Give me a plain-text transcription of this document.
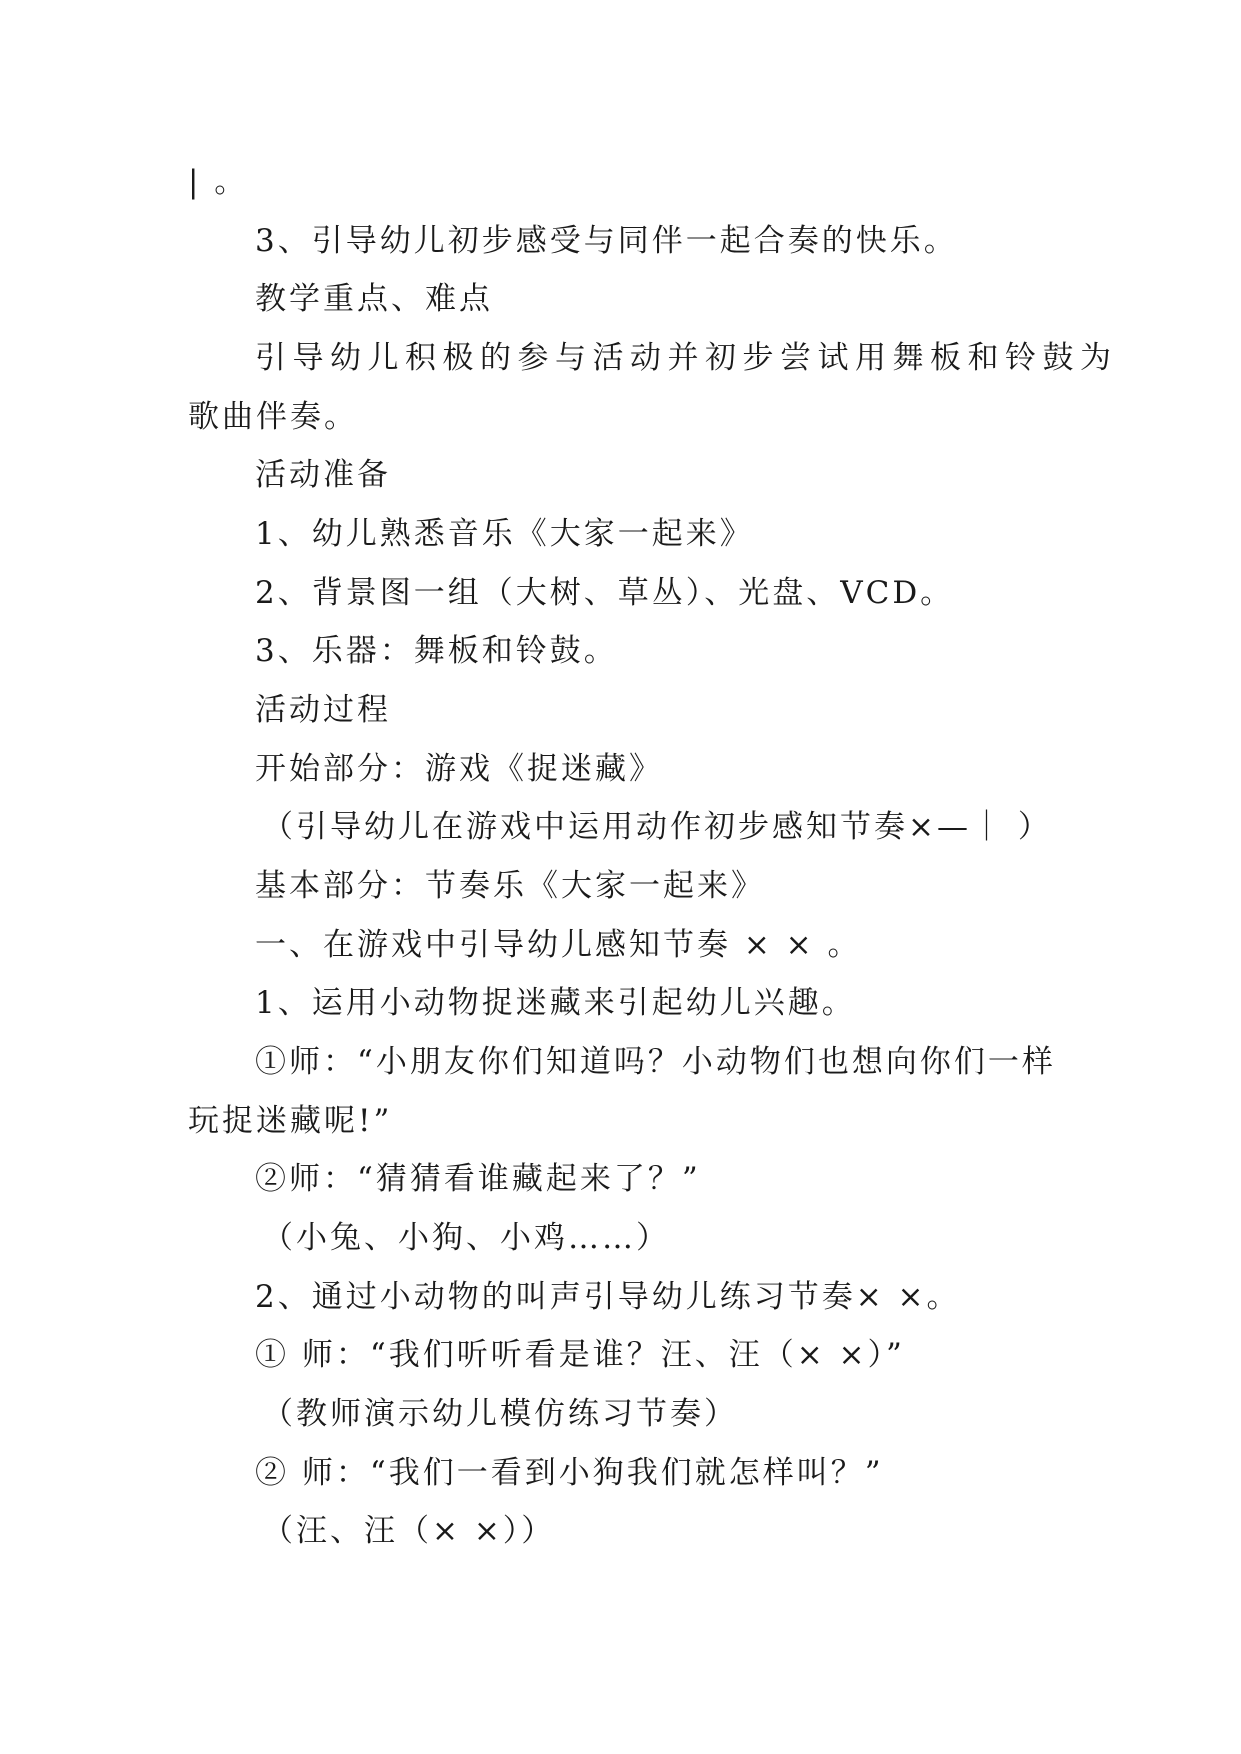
| 。
3、引导幼儿初步感受与同伴一起合奏的快乐。
教学重点、难点
引导幼儿积极的参与活动并初步尝试用舞板和铃鼓为
歌曲伴奏。
活动准备
1、幼儿熟悉音乐《大家一起来》
2、背景图一组（大树、草丛）、光盘、VCD。
3、乐器：舞板和铃鼓。
活动过程
开始部分：游戏《捉迷藏》
（引导幼儿在游戏中运用动作初步感知节奏×—｜ ）
基本部分：节奏乐《大家一起来》
一、在游戏中引导幼儿感知节奏 × × 。
1、运用小动物捉迷藏来引起幼儿兴趣。
①师：“小朋友你们知道吗？小动物们也想向你们一样
玩捉迷藏呢!”
②师：“猜猜看谁藏起来了？”
（小兔、小狗、小鸡……）
2、通过小动物的叫声引导幼儿练习节奏× ×。
① 师：“我们听听看是谁？汪、汪（× ×）”
（教师演示幼儿模仿练习节奏）
② 师：“我们一看到小狗我们就怎样叫？”
（汪、汪（× ×））
